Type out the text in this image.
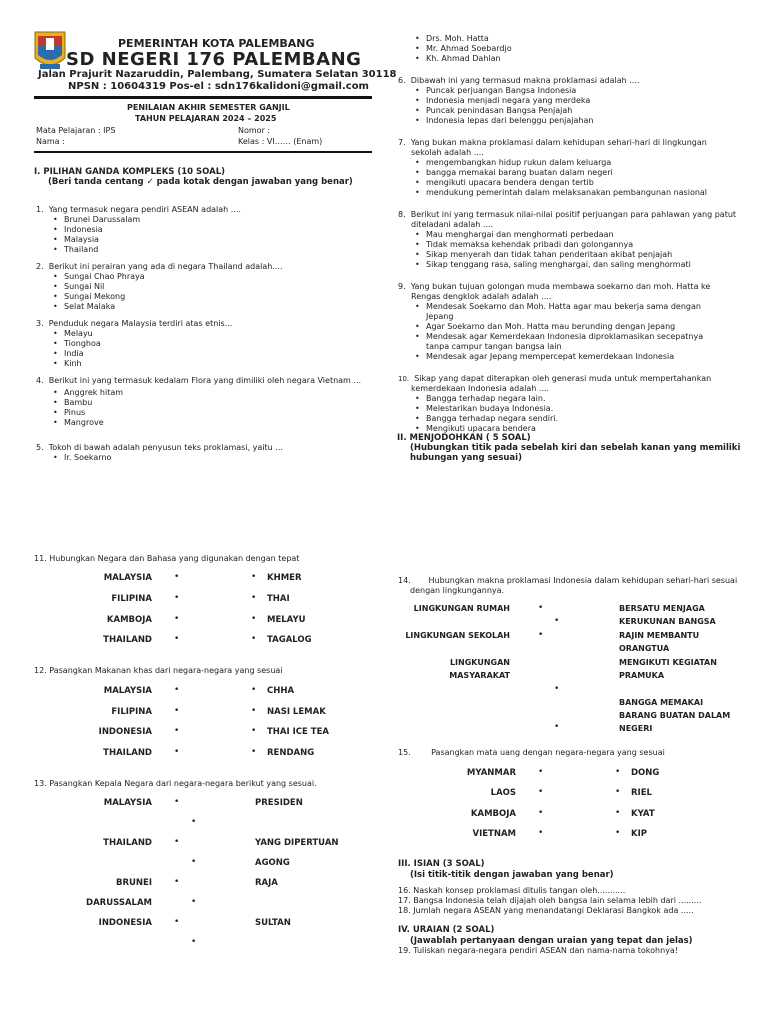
PEMERINTAH KOTA PALEMBANG
SD NEGERI 176 PALEMBANG
Jalan Prajurit Nazaruddin, Palembang, Sumatera Selatan 30118
NPSN : 10604319 Pos-el : sdn176kalidoni@gmail.com
PENILAIAN AKHIR SEMESTER GANJIL
TAHUN PELAJARAN 2024 – 2025
Mata Pelajaran : IPS
Nama :
Nomor :
Kelas : VI…… (Enam)
I. PILIHAN GANDA KOMPLEKS (10 SOAL)
(Beri tanda centang ✓ pada kotak dengan jawaban yang benar)
1. Yang termasuk negara pendiri ASEAN adalah ....
• Brunei Darussalam
• Indonesia
• Malaysia
• Thailand
2. Berikut ini perairan yang ada di negara Thailand adalah....
• Sungai Chao Phraya
• Sungai Nil
• Sungai Mekong
• Selat Malaka
3. Penduduk negara Malaysia terdiri atas etnis...
• Melayu
• Tionghoa
• India
• Kinh
4. Berikut ini yang termasuk kedalam Flora yang dimiliki oleh negara Vietnam ...
• Anggrek hitam
• Bambu
• Pinus
• Mangrove
5. Tokoh di bawah adalah penyusun teks proklamasi, yaitu ...
• Ir. Soekarno
• Drs. Moh. Hatta
• Mr. Ahmad Soebardjo
• Kh. Ahmad Dahlan
6. Dibawah ini yang termasud makna proklamasi adalah ....
• Puncak perjuangan Bangsa Indonesia
• Indonesia menjadi negara yang merdeka
• Puncak penindasan Bangsa Penjajah
• Indonesia lepas dari belenggu penjajahan
7. Yang bukan makna proklamasi dalam kehidupan sehari-hari di lingkungan sekolah adalah ....
• mengembangkan hidup rukun dalam keluarga
• bangga memakai barang buatan dalam negeri
• mengikuti upacara bendera dengan tertib
• mendukung pemerintah dalam melaksanakan pembangunan nasional
8. Berikut ini yang termasuk nilai-nilai positif perjuangan para pahlawan yang patut diteladani adalah ....
• Mau menghargai dan menghormati perbedaan
• Tidak memaksa kehendak pribadi dan golongannya
• Sikap menyerah dan tidak tahan penderitaan akibat penjajah
• Sikap tenggang rasa, saling menghargai, dan saling menghormati
9. Yang bukan tujuan golongan muda membawa soekarno dan moh. Hatta ke Rengas dengklok adalah adalah ....
• Mendesak Soekarno dan Moh. Hatta agar mau bekerja sama dengan Jepang
• Agar Soekarno dan Moh. Hatta mau berunding dengan Jepang
• Mendesak agar Kemerdekaan Indonesia diproklamasikan secepatnya tanpa campur tangan bangsa lain
• Mendesak agar Jepang mempercepat kemerdekaan Indonesia
10. Sikap yang dapat diterapkan oleh generasi muda untuk mempertahankan kemerdekaan Indonesia adalah ....
• Bangga terhadap negara lain.
• Melestarikan budaya Indonesia.
• Bangga terhadap negara sendiri.
• Mengikuti upacara bendera
II. MENJODOHKAN ( 5 SOAL)
(Hubungkan titik pada sebelah kiri dan sebelah kanan yang memiliki hubungan yang sesuai)
11. Hubungkan Negara dan Bahasa yang digunakan dengan tepat
MALAYSIA
FILIPINA
KAMBOJA
THAILAND
•
•
•
•
•
•
•
•
KHMER
THAI
MELAYU
TAGALOG
12. Pasangkan Makanan khas dari negara-negara yang sesuai
MALAYSIA
FILIPINA
INDONESIA
THAILAND
•
•
•
•
•
•
•
•
CHHA
NASI LEMAK
THAI ICE TEA
RENDANG
13. Pasangkan Kepala Negara dari negara-negara berikut yang sesuai.
MALAYSIA
THAILAND
BRUNEI
DARUSSALAM
INDONESIA
•
•
•
•
•
•
•
•
PRESIDEN
YANG DIPERTUAN
AGONG
RAJA
SULTAN
14. Hubungkan makna proklamasi Indonesia dalam kehidupan sehari-hari sesuai dengan lingkungannya.
LINGKUNGAN RUMAH
LINGKUNGAN SEKOLAH
LINGKUNGAN
MASYARAKAT
•
•
•
•
•
BERSATU MENJAGA
KERUKUNAN BANGSA
RAJIN MEMBANTU
ORANGTUA
MENGIKUTI KEGIATAN
PRAMUKA
BANGGA MEMAKAI
BARANG BUATAN DALAM
NEGERI
15.	Pasangkan mata uang dengan negara-negara yang sesuai
MYANMAR
LAOS
KAMBOJA
VIETNAM
•
•
•
•
•
•
•
•
DONG
RIEL
KYAT
KIP
III. ISIAN (3 SOAL)
(Isi titik-titik dengan jawaban yang benar)
16. Naskah konsep proklamasi ditulis tangan oleh...........
17. Bangsa Indonesia telah dijajah oleh bangsa lain selama lebih dari .........
18. Jumlah negara ASEAN yang menandatangi Deklarasi Bangkok ada .....
IV. URAIAN (2 SOAL)
(Jawablah pertanyaan dengan uraian yang tepat dan jelas)
19. Tuliskan negara-negara pendiri ASEAN dan nama-nama tokohnya!
